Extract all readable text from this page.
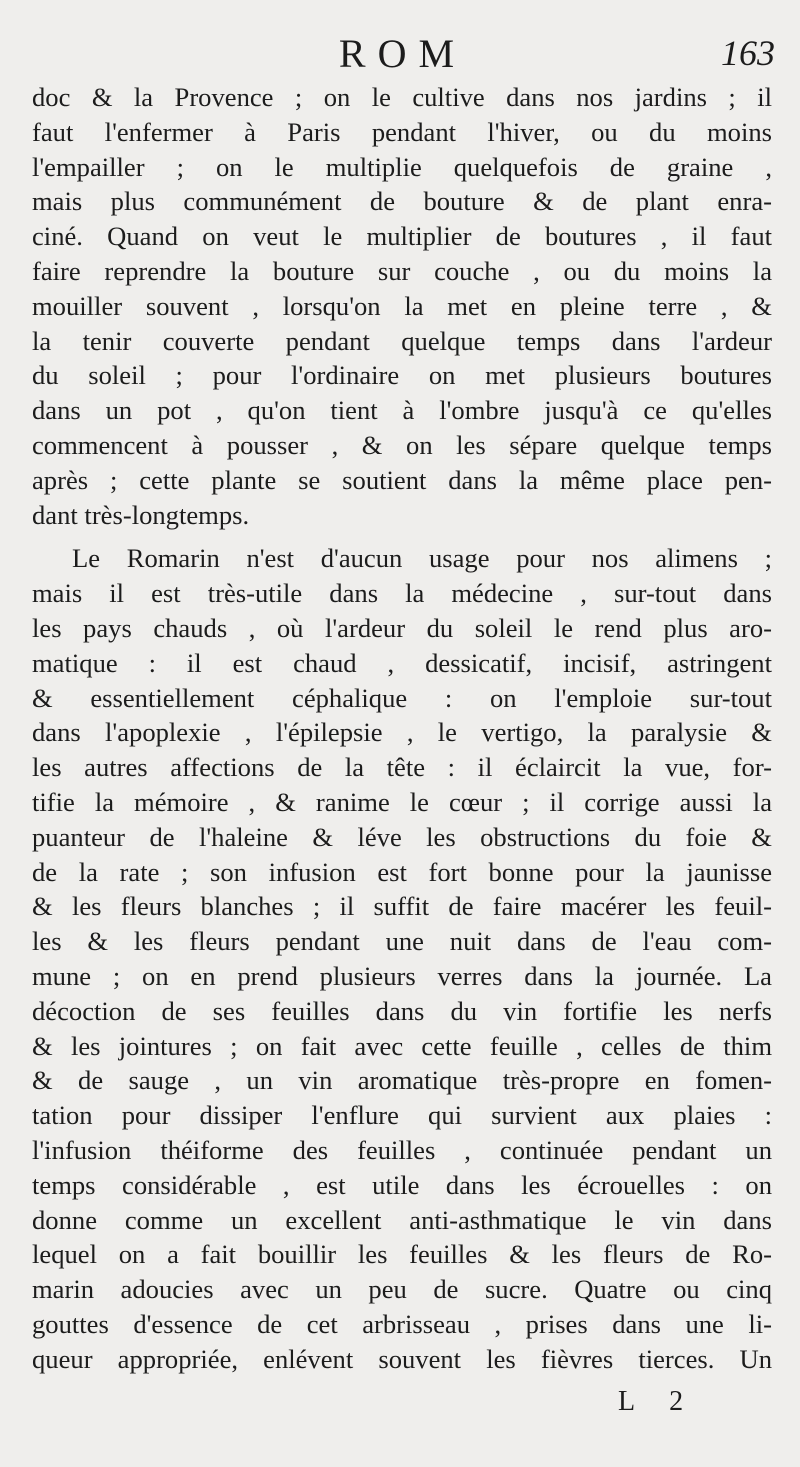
ROM	163
doc & la Provence ; on le cultive dans nos jardins ; il
faut l'enfermer à Paris pendant l'hiver, ou du moins
l'empailler ; on le multiplie quelquefois de graine ,
mais plus communément de bouture & de plant enra-
ciné. Quand on veut le multiplier de boutures , il faut
faire reprendre la bouture sur couche , ou du moins la
mouiller souvent , lorsqu'on la met en pleine terre , &
la tenir couverte pendant quelque temps dans l'ardeur
du soleil ; pour l'ordinaire on met plusieurs boutures
dans un pot , qu'on tient à l'ombre jusqu'à ce qu'elles
commencent à pousser , & on les sépare quelque temps
après ; cette plante se soutient dans la même place pen-
dant très-longtemps.
Le Romarin n'est d'aucun usage pour nos alimens ;
mais il est très-utile dans la médecine , sur-tout dans
les pays chauds , où l'ardeur du soleil le rend plus aro-
matique : il est chaud , dessicatif, incisif, astringent
& essentiellement céphalique : on l'emploie sur-tout
dans l'apoplexie , l'épilepsie , le vertigo, la paralysie &
les autres affections de la tête : il éclaircit la vue, for-
tifie la mémoire , & ranime le cœur ; il corrige aussi la
puanteur de l'haleine & léve les obstructions du foie &
de la rate ; son infusion est fort bonne pour la jaunisse
& les fleurs blanches ; il suffit de faire macérer les feuil-
les & les fleurs pendant une nuit dans de l'eau com-
mune ; on en prend plusieurs verres dans la journée. La
décoction de ses feuilles dans du vin fortifie les nerfs
& les jointures ; on fait avec cette feuille , celles de thim
& de sauge , un vin aromatique très-propre en fomen-
tation pour dissiper l'enflure qui survient aux plaies :
l'infusion théiforme des feuilles , continuée pendant un
temps considérable , est utile dans les écrouelles : on
donne comme un excellent anti-asthmatique le vin dans
lequel on a fait bouillir les feuilles & les fleurs de Ro-
marin adoucies avec un peu de sucre. Quatre ou cinq
gouttes d'essence de cet arbrisseau , prises dans une li-
queur appropriée, enlévent souvent les fièvres tierces. Un
L 2
